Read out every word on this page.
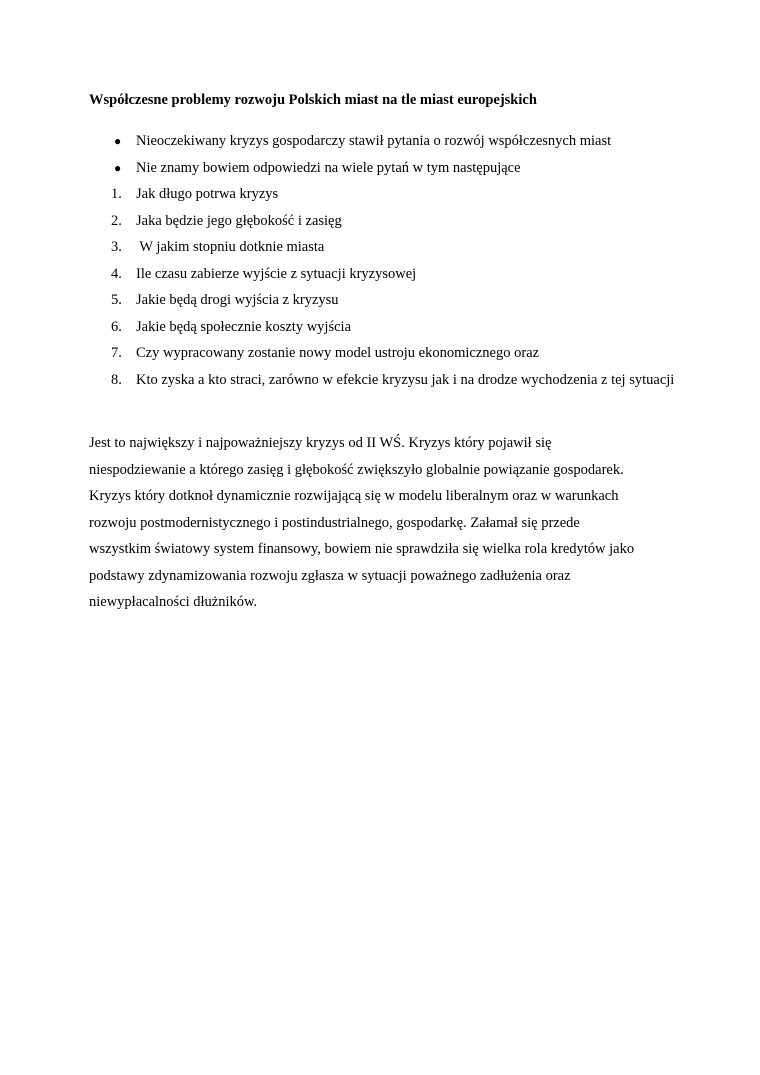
Współczesne problemy rozwoju Polskich miast na tle miast europejskich
●	Nieoczekiwany kryzys gospodarczy stawił pytania o rozwój współczesnych miast
●	Nie znamy bowiem odpowiedzi na wiele pytań w tym następujące
1. Jak długo potrwa kryzys
2. Jaka będzie jego głębokość i zasięg
3. W jakim stopniu dotknie miasta
4. Ile czasu zabierze wyjście z sytuacji kryzysowej
5. Jakie będą drogi wyjścia z kryzysu
6. Jakie będą społecznie koszty wyjścia
7. Czy wypracowany zostanie nowy model ustroju ekonomicznego oraz
8. Kto zyska a kto straci, zarówno w efekcie kryzysu jak i na drodze wychodzenia z tej sytuacji
Jest to największy i najpoważniejszy kryzys od II WŚ. Kryzys który pojawił się
niespodziewanie a którego zasięg i głębokość zwiększyło globalnie powiązanie gospodarek.
Kryzys który dotknoł dynamicznie rozwijającą się w modelu liberalnym oraz w warunkach
rozwoju postmodernistycznego i postindustrialnego, gospodarkę. Załamał się przede
wszystkim światowy system finansowy, bowiem nie sprawdziła się wielka rola kredytów jako
podstawy zdynamizowania rozwoju zgłasza w sytuacji poważnego zadłużenia oraz
niewypłacalności dłużników.
